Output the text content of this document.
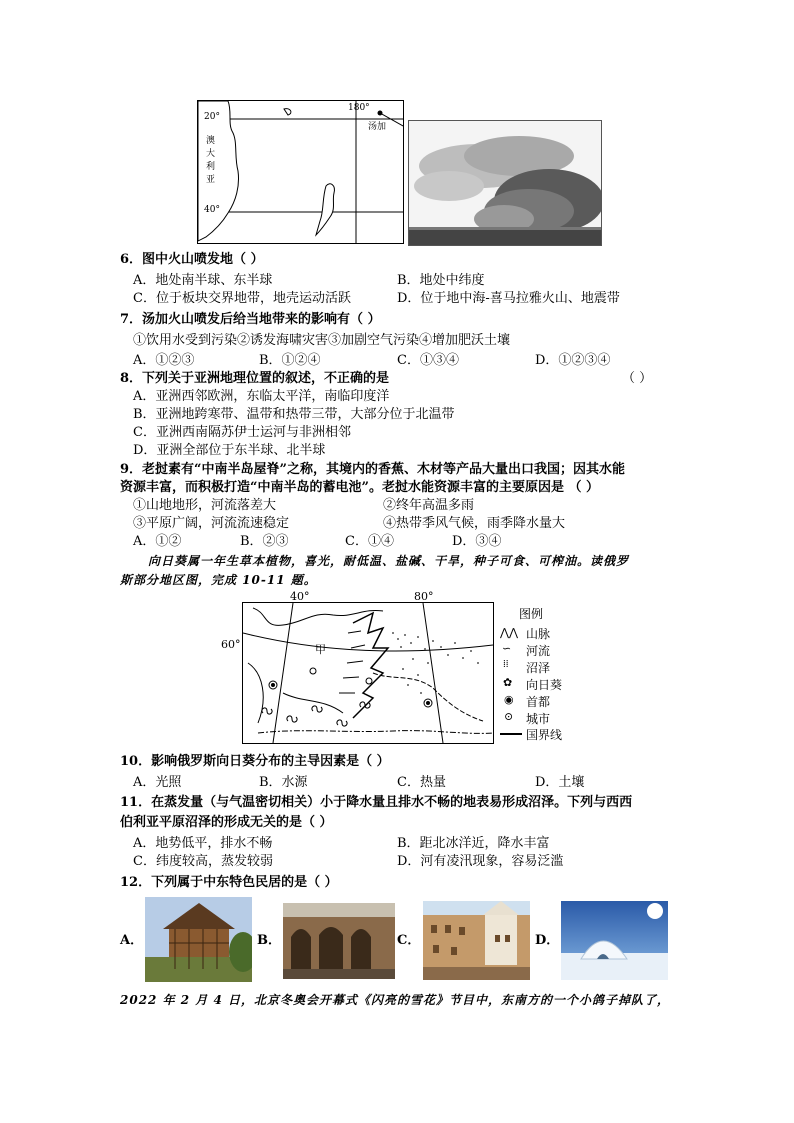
20°
40°
180°
汤加
澳大利亚
6．图中火山喷发地（ ）
A．地处南半球、东半球	B．地处中纬度
C．位于板块交界地带，地壳运动活跃	D．位于地中海-喜马拉雅火山、地震带
7．汤加火山喷发后给当地带来的影响有（ ）
①饮用水受到污染②诱发海啸灾害③加剧空气污染④增加肥沃土壤
A．①②③	B．①②④	C．①③④	D．①②③④
8．下列关于亚洲地理位置的叙述，不正确的是	（ ）
A．亚洲西邻欧洲，东临太平洋，南临印度洋
B．亚洲地跨寒带、温带和热带三带，大部分位于北温带
C．亚洲西南隔苏伊士运河与非洲相邻
D．亚洲全部位于东半球、北半球
9．老挝素有“中南半岛屋脊”之称，其境内的香蕉、木材等产品大量出口我国；因其水能
资源丰富，而积极打造“中南半岛的蓄电池”。老挝水能资源丰富的主要原因是 （ ）
①山地地形，河流落差大	②终年高温多雨
③平原广阔，河流流速稳定	④热带季风气候，雨季降水量大
A．①②	B．②③	C．①④	D．③④
向日葵属一年生草本植物，喜光，耐低温、盐碱、干旱，种子可食、可榨油。读俄罗
斯部分地区图，完成 10-11 题。
甲
40°	80°
60°
图例
⋀⋀ 山脉
∽ 河流
⁞⁞ 沼泽
✿ 向日葵
◉ 首都
⊙ 城市
国界线
10．影响俄罗斯向日葵分布的主导因素是（ ）
A．光照	B．水源	C．热量	D．土壤
11．在蒸发量（与气温密切相关）小于降水量且排水不畅的地表易形成沼泽。下列与西西
伯利亚平原沼泽的形成无关的是（ ）
A．地势低平，排水不畅	B．距北冰洋近，降水丰富
C．纬度较高，蒸发较弱	D．河有凌汛现象，容易泛滥
12．下列属于中东特色民居的是（ ）
A．	B．	C．	D．
2022 年 2 月 4 日，北京冬奥会开幕式《闪亮的雪花》节目中，东南方的一个小鸽子掉队了，
